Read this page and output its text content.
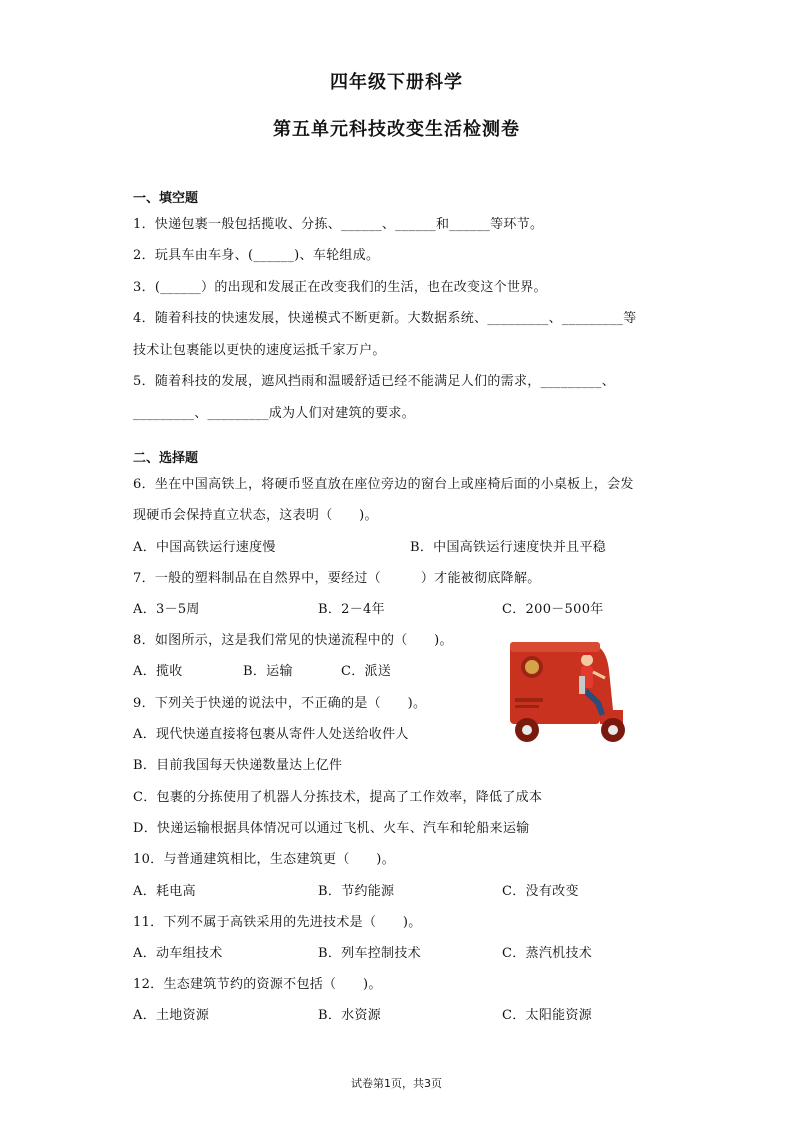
四年级下册科学
第五单元科技改变生活检测卷
一、填空题
1．快递包裹一般包括揽收、分拣、______、______和______等环节。
2．玩具车由车身、(______)、车轮组成。
3．(______）的出现和发展正在改变我们的生活，也在改变这个世界。
4．随着科技的快速发展，快递模式不断更新。大数据系统、_________、_________等
技术让包裹能以更快的速度运抵千家万户。
5．随着科技的发展，遮风挡雨和温暖舒适已经不能满足人们的需求，_________、
_________、_________成为人们对建筑的要求。
二、选择题
6．坐在中国高铁上，将硬币竖直放在座位旁边的窗台上或座椅后面的小桌板上，会发
现硬币会保持直立状态，这表明（　　)。
A．中国高铁运行速度慢	B．中国高铁运行速度快并且平稳
7．一般的塑料制品在自然界中，要经过（　　　）才能被彻底降解。
A．3－5周	B．2－4年	C．200－500年
8．如图所示，这是我们常见的快递流程中的（　　)。
A．揽收	B．运输	C．派送
9．下列关于快递的说法中，不正确的是（　　)。
A．现代快递直接将包裹从寄件人处送给收件人
B．目前我国每天快递数量达上亿件
C．包裹的分拣使用了机器人分拣技术，提高了工作效率，降低了成本
D．快递运输根据具体情况可以通过飞机、火车、汽车和轮船来运输
10．与普通建筑相比，生态建筑更（　　)。
A．耗电高	B．节约能源	C．没有改变
11．下列不属于高铁采用的先进技术是（　　)。
A．动车组技术	B．列车控制技术	C．蒸汽机技术
12．生态建筑节约的资源不包括（　　)。
A．土地资源	B．水资源	C．太阳能资源
试卷第1页，共3页
